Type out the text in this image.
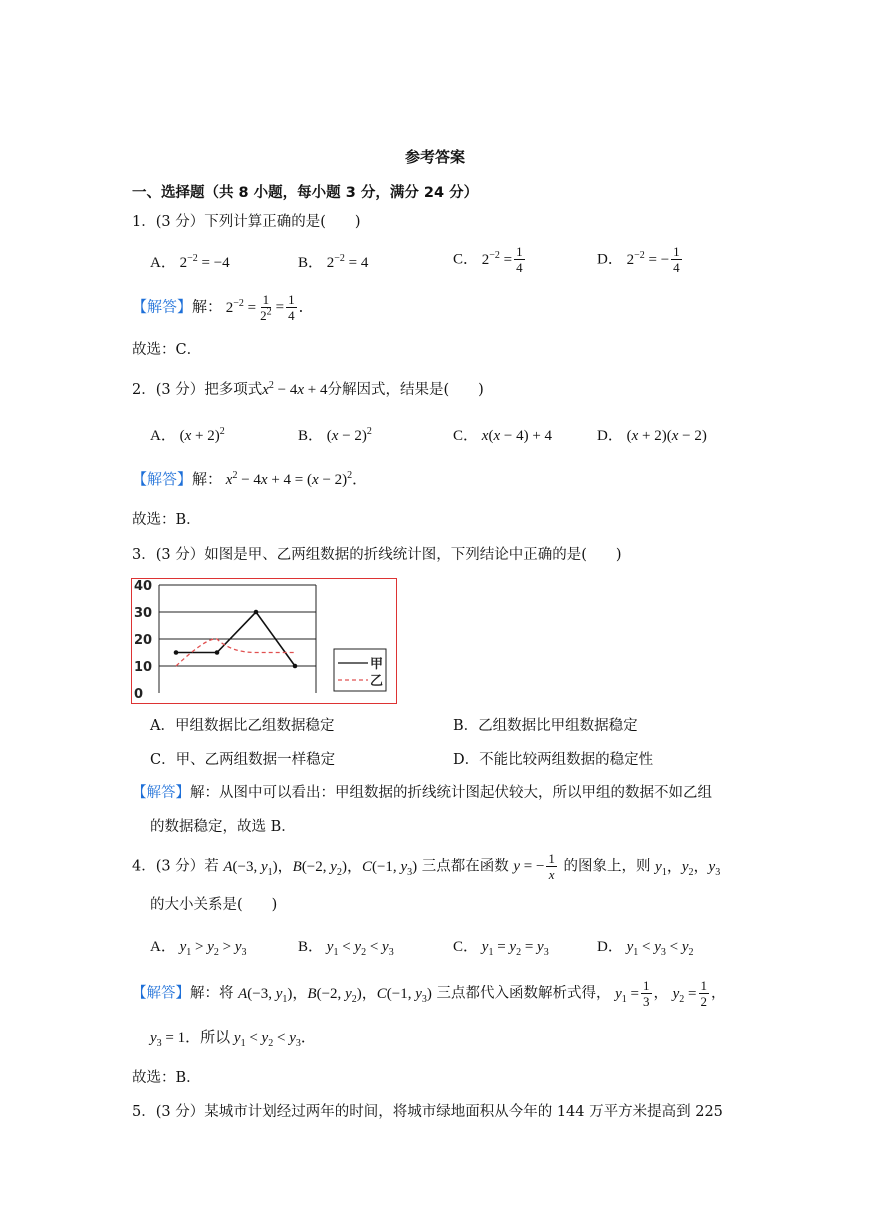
参考答案
一、选择题（共 8 小题，每小题 3 分，满分 24 分）
1．(3 分）下列计算正确的是(　　)
A． $2^{-2} = -4$	B． $2^{-2} = 4$	C． $2^{-2} = \frac{1}{4}$	D． $2^{-2}$ = − $\frac{1}{4}$
【解答】解： $2^{-2} = \frac{1}{2^2} = \frac{1}{4}$ ．
故选：C．
2．(3 分）把多项式$x^2 - 4x + 4$分解因式，结果是(　　)
A． $(x + 2)^2$	B． $(x - 2)^2$	C． x(x − 4) + 4	D． (x + 2)(x − 2)
【解答】解： $x^2 - 4x + 4 = (x - 2)^2$．
故选：B．
3．(3 分）如图是甲、乙两组数据的折线统计图，下列结论中正确的是(　　)
40
30
20
10
0
甲
乙
A．甲组数据比乙组数据稳定	B．乙组数据比甲组数据稳定
C．甲、乙两组数据一样稳定	D．不能比较两组数据的稳定性
【解答】解：从图中可以看出：甲组数据的折线统计图起伏较大，所以甲组的数据不如乙组
的数据稳定，故选 B．
4．(3 分）若 A(−3, $y_1$)，B(−2, $y_2$)，C(−1, $y_3$) 三点都在函数 y = − $\frac{1}{x}$ 的图象上，则 $y_1$，$y_2$，$y_3$
的大小关系是(　　)
A． $y_1 > y_2 > y_3$	B． $y_1 < y_2 < y_3$	C． $y_1 = y_2 = y_3$	D． $y_1 < y_3 < y_2$
【解答】解：将 A(−3, $y_1$)，B(−2, $y_2$)，C(−1, $y_3$) 三点都代入函数解析式得， $y_1 = \frac{1}{3}$ ， $y_2 = \frac{1}{2}$ ，
$y_3 = 1$．所以 $y_1 < y_2 < y_3$．
故选：B．
5．(3 分）某城市计划经过两年的时间，将城市绿地面积从今年的 144 万平方米提高到 225
